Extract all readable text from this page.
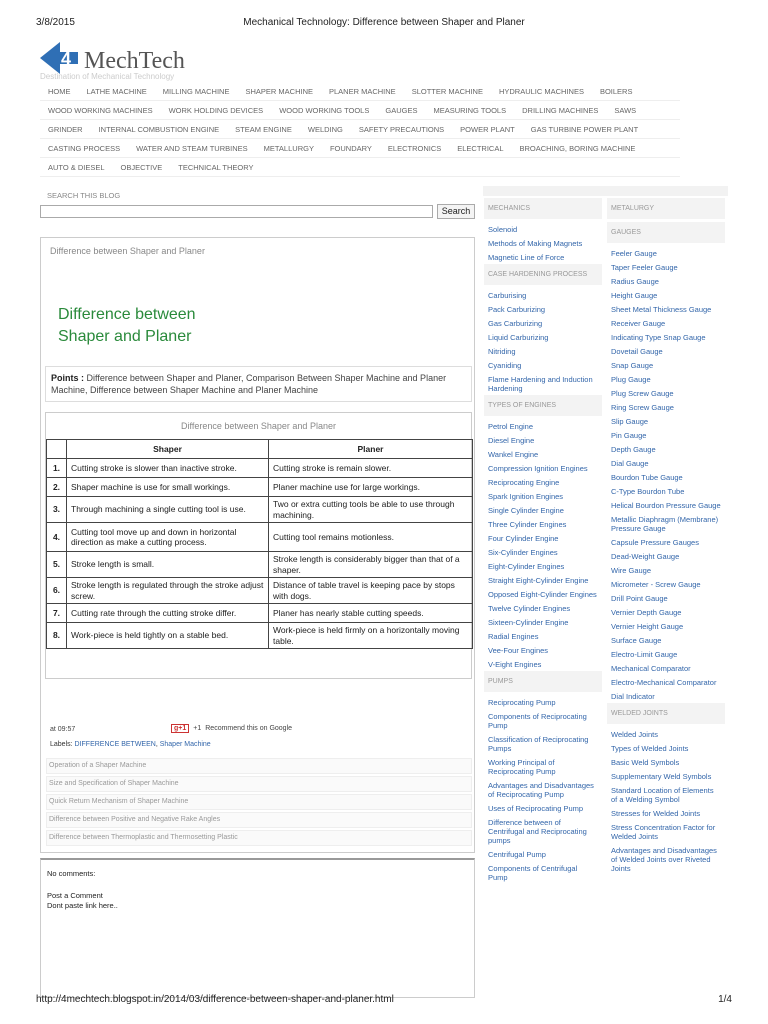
3/8/2015	Mechanical Technology: Difference between Shaper and Planer
4 MechTech
Destination of Mechanical Technology
HOME	LATHE MACHINE	MILLING MACHINE	SHAPER MACHINE	PLANER MACHINE	SLOTTER MACHINE	HYDRAULIC MACHINES	BOILERS
WOOD WORKING MACHINES	WORK HOLDING DEVICES	WOOD WORKING TOOLS	GAUGES	MEASURING TOOLS	DRILLING MACHINES	SAWS
GRINDER	INTERNAL COMBUSTION ENGINE	STEAM ENGINE	WELDING	SAFETY PRECAUTIONS	POWER PLANT	GAS TURBINE POWER PLANT
CASTING PROCESS	WATER AND STEAM TURBINES	METALLURGY	FOUNDARY	ELECTRONICS	ELECTRICAL	BROACHING, BORING MACHINE
AUTO & DIESEL	OBJECTIVE	TECHNICAL THEORY
SEARCH THIS BLOG
Search
Difference between Shaper and Planer
Difference between
Shaper and Planer
Points : Difference between Shaper and Planer, Comparison Between Shaper Machine and Planer Machine, Difference between Shaper Machine and Planer Machine
Difference between Shaper and Planer
	Shaper	Planer
1.	Cutting stroke is slower than inactive stroke.	Cutting stroke is remain slower.
2.	Shaper machine is use for small workings.	Planer machine use for large workings.
3.	Through machining a single cutting tool is use.	Two or extra cutting tools be able to use through machining.
4.	Cutting tool move up and down in horizontal direction as make a cutting process.	Cutting tool remains motionless.
5.	Stroke length is small.	Stroke length is considerably bigger than that of a shaper.
6.	Stroke length is regulated through the stroke adjust screw.	Distance of table travel is keeping pace by stops with dogs.
7.	Cutting rate through the cutting stroke differ.	Planer has nearly stable cutting speeds.
8.	Work-piece is held tightly on a stable bed.	Work-piece is held firmly on a horizontally moving table.
at 09:57	g+1	+1 Recommend this on Google
Labels: DIFFERENCE BETWEEN, Shaper Machine
Operation of a Shaper Machine
Size and Specification of Shaper Machine
Quick Return Mechanism of Shaper Machine
Difference between Positive and Negative Rake Angles
Difference between Thermoplastic and Thermosetting Plastic
No comments:
Post a Comment
Dont paste link here..
MECHANICS
Solenoid
Methods of Making Magnets
Magnetic Line of Force
CASE HARDENING PROCESS
Carburising
Pack Carburizing
Gas Carburizing
Liquid Carburizing
Nitriding
Cyaniding
Flame Hardening and Induction Hardening
TYPES OF ENGINES
Petrol Engine
Diesel Engine
Wankel Engine
Compression Ignition Engines
Reciprocating Engine
Spark Ignition Engines
Single Cylinder Engine
Three Cylinder Engines
Four Cylinder Engine
Six-Cylinder Engines
Eight-Cylinder Engines
Straight Eight-Cylinder Engine
Opposed Eight-Cylinder Engines
Twelve Cylinder Engines
Sixteen-Cylinder Engine
Radial Engines
Vee-Four Engines
V-Eight Engines
PUMPS
Reciprocating Pump
Components of Reciprocating Pump
Classification of Reciprocating Pumps
Working Principal of Reciprocating Pump
Advantages and Disadvantages of Reciprocating Pump
Uses of Reciprocating Pump
Difference between of Centrifugal and Reciprocating pumps
Centrifugal Pump
Components of Centrifugal Pump
METALURGY
GAUGES
Feeler Gauge
Taper Feeler Gauge
Radius Gauge
Height Gauge
Sheet Metal Thickness Gauge
Receiver Gauge
Indicating Type Snap Gauge
Dovetail Gauge
Snap Gauge
Plug Gauge
Plug Screw Gauge
Ring Screw Gauge
Slip Gauge
Pin Gauge
Depth Gauge
Dial Gauge
Bourdon Tube Gauge
C-Type Bourdon Tube
Helical Bourdon Pressure Gauge
Metallic Diaphragm (Membrane) Pressure Gauge
Capsule Pressure Gauges
Dead-Weight Gauge
Wire Gauge
Micrometer - Screw Gauge
Drill Point Gauge
Vernier Depth Gauge
Vernier Height Gauge
Surface Gauge
Electro-Limit Gauge
Mechanical Comparator
Electro-Mechanical Comparator
Dial Indicator
WELDED JOINTS
Welded Joints
Types of Welded Joints
Basic Weld Symbols
Supplementary Weld Symbols
Standard Location of Elements of a Welding Symbol
Stresses for Welded Joints
Stress Concentration Factor for Welded Joints
Advantages and Disadvantages of Welded Joints over Riveted Joints
http://4mechtech.blogspot.in/2014/03/difference-between-shaper-and-planer.html	1/4
